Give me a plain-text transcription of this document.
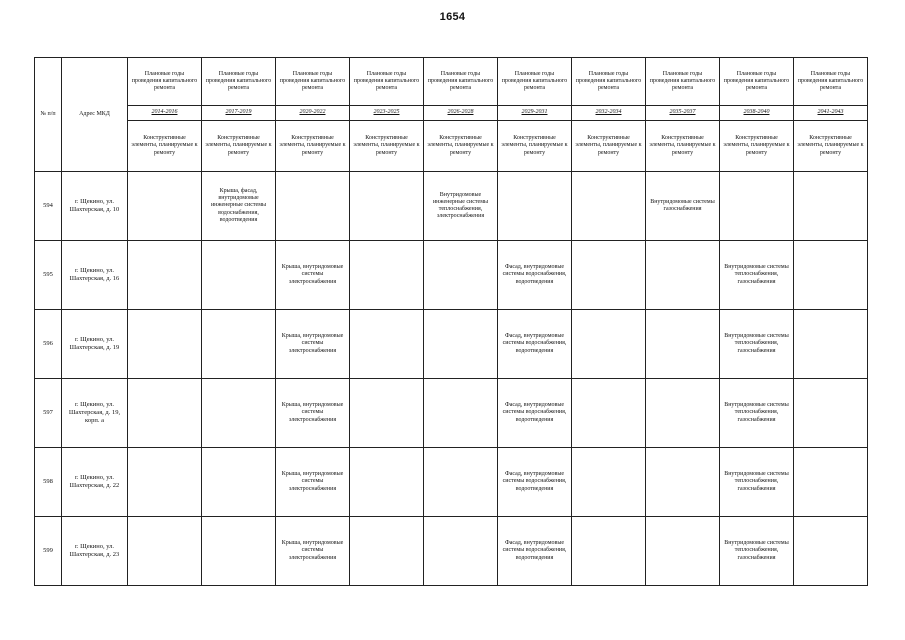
1654
№ п/п	Адрес МКД	Плановые годы проведения капитального ремонта	Плановые годы проведения капитального ремонта	Плановые годы проведения капитального ремонта	Плановые годы проведения капитального ремонта	Плановые годы проведения капитального ремонта	Плановые годы проведения капитального ремонта	Плановые годы проведения капитального ремонта	Плановые годы проведения капитального ремонта	Плановые годы проведения капитального ремонта	Плановые годы проведения капитального ремонта
		2014-2016	2017-2019	2020-2022	2023-2025	2026-2028	2029-2031	2032-2034	2035-2037	2038-2040	2041-2043
		Конструктивные элементы, планируемые к ремонту	Конструктивные элементы, планируемые к ремонту	Конструктивные элементы, планируемые к ремонту	Конструктивные элементы, планируемые к ремонту	Конструктивные элементы, планируемые к ремонту	Конструктивные элементы, планируемые к ремонту	Конструктивные элементы, планируемые к ремонту	Конструктивные элементы, планируемые к ремонту	Конструктивные элементы, планируемые к ремонту	Конструктивные элементы, планируемые к ремонту
594	г. Щекино, ул. Шахтерская, д. 10		Крыша, фасад, внутридомовые инженерные системы водоснабжения, водоотведения			Внутридомовые инженерные системы теплоснабжения, электроснабжения			Внутридомовые системы газоснабжения		
595	г. Щекино, ул. Шахтерская, д. 16			Крыша, внутридомовые системы электроснабжения			Фасад, внутридомовые системы водоснабжения, водоотведения			Внутридомовые системы теплоснабжения, газоснабжения	
596	г. Щекино, ул. Шахтерская, д. 19			Крыша, внутридомовые системы электроснабжения			Фасад, внутридомовые системы водоснабжения, водоотведения			Внутридомовые системы теплоснабжения, газоснабжения	
597	г. Щекино, ул. Шахтерская, д. 19, корп. а			Крыша, внутридомовые системы электроснабжения			Фасад, внутридомовые системы водоснабжения, водоотведения			Внутридомовые системы теплоснабжения, газоснабжения	
598	г. Щекино, ул. Шахтерская, д. 22			Крыша, внутридомовые системы электроснабжения			Фасад, внутридомовые системы водоснабжения, водоотведения			Внутридомовые системы теплоснабжения, газоснабжения	
599	г. Щекино, ул. Шахтерская, д. 23			Крыша, внутридомовые системы электроснабжения			Фасад, внутридомовые системы водоснабжения, водоотведения			Внутридомовые системы теплоснабжения, газоснабжения	
